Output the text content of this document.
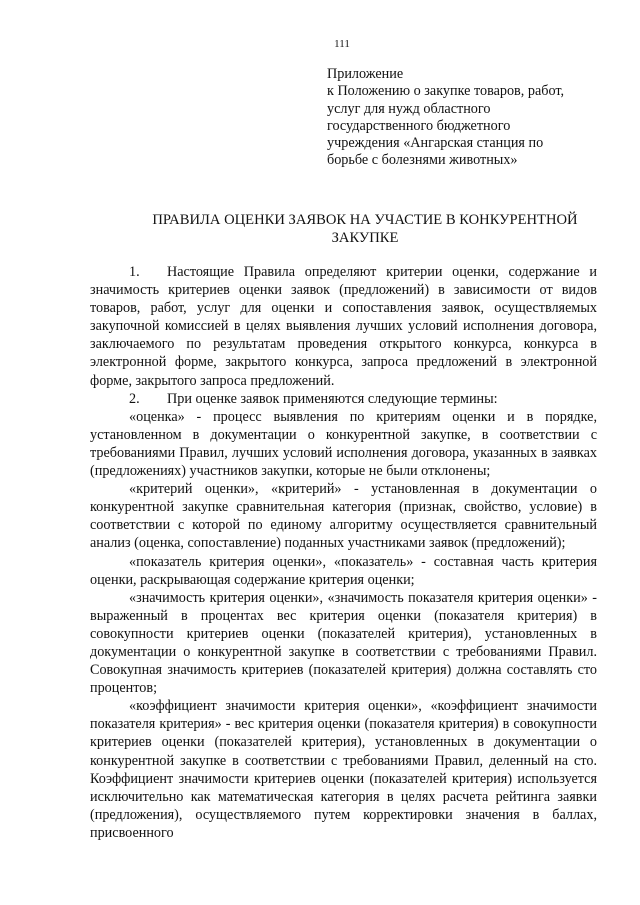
111
Приложение
к Положению о закупке товаров, работ,
услуг для нужд областного
государственного бюджетного
учреждения «Ангарская станция по
борьбе с болезнями животных»
ПРАВИЛА ОЦЕНКИ ЗАЯВОК НА УЧАСТИЕ В КОНКУРЕНТНОЙ
ЗАКУПКЕ

1. Настоящие Правила определяют критерии оценки, содержание и значимость критериев оценки заявок (предложений) в зависимости от видов товаров, работ, услуг для оценки и сопоставления заявок, осуществляемых закупочной комиссией в целях выявления лучших условий исполнения договора, заключаемого по результатам проведения открытого конкурса, конкурса в электронной форме, закрытого конкурса, запроса предложений в электронной форме, закрытого запроса предложений.

2. При оценке заявок применяются следующие термины:

«оценка» - процесс выявления по критериям оценки и в порядке, установленном в документации о конкурентной закупке, в соответствии с требованиями Правил, лучших условий исполнения договора, указанных в заявках (предложениях) участников закупки, которые не были отклонены;

«критерий оценки», «критерий» - установленная в документации о конкурентной закупке сравнительная категория (признак, свойство, условие) в соответствии с которой по единому алгоритму осуществляется сравнительный анализ (оценка, сопоставление) поданных участниками заявок (предложений);

«показатель критерия оценки», «показатель» - составная часть критерия оценки, раскрывающая содержание критерия оценки;

«значимость критерия оценки», «значимость показателя критерия оценки» - выраженный в процентах вес критерия оценки (показателя критерия) в совокупности критериев оценки (показателей критерия), установленных в документации о конкурентной закупке в соответствии с требованиями Правил. Совокупная значимость критериев (показателей критерия) должна составлять сто процентов;

«коэффициент значимости критерия оценки», «коэффициент значимости показателя критерия» - вес критерия оценки (показателя критерия) в совокупности критериев оценки (показателей критерия), установленных в документации о конкурентной закупке в соответствии с требованиями Правил, деленный на сто. Коэффициент значимости критериев оценки (показателей критерия) используется исключительно как математическая категория в целях расчета рейтинга заявки (предложения), осуществляемого путем корректировки значения в баллах, присвоенного
